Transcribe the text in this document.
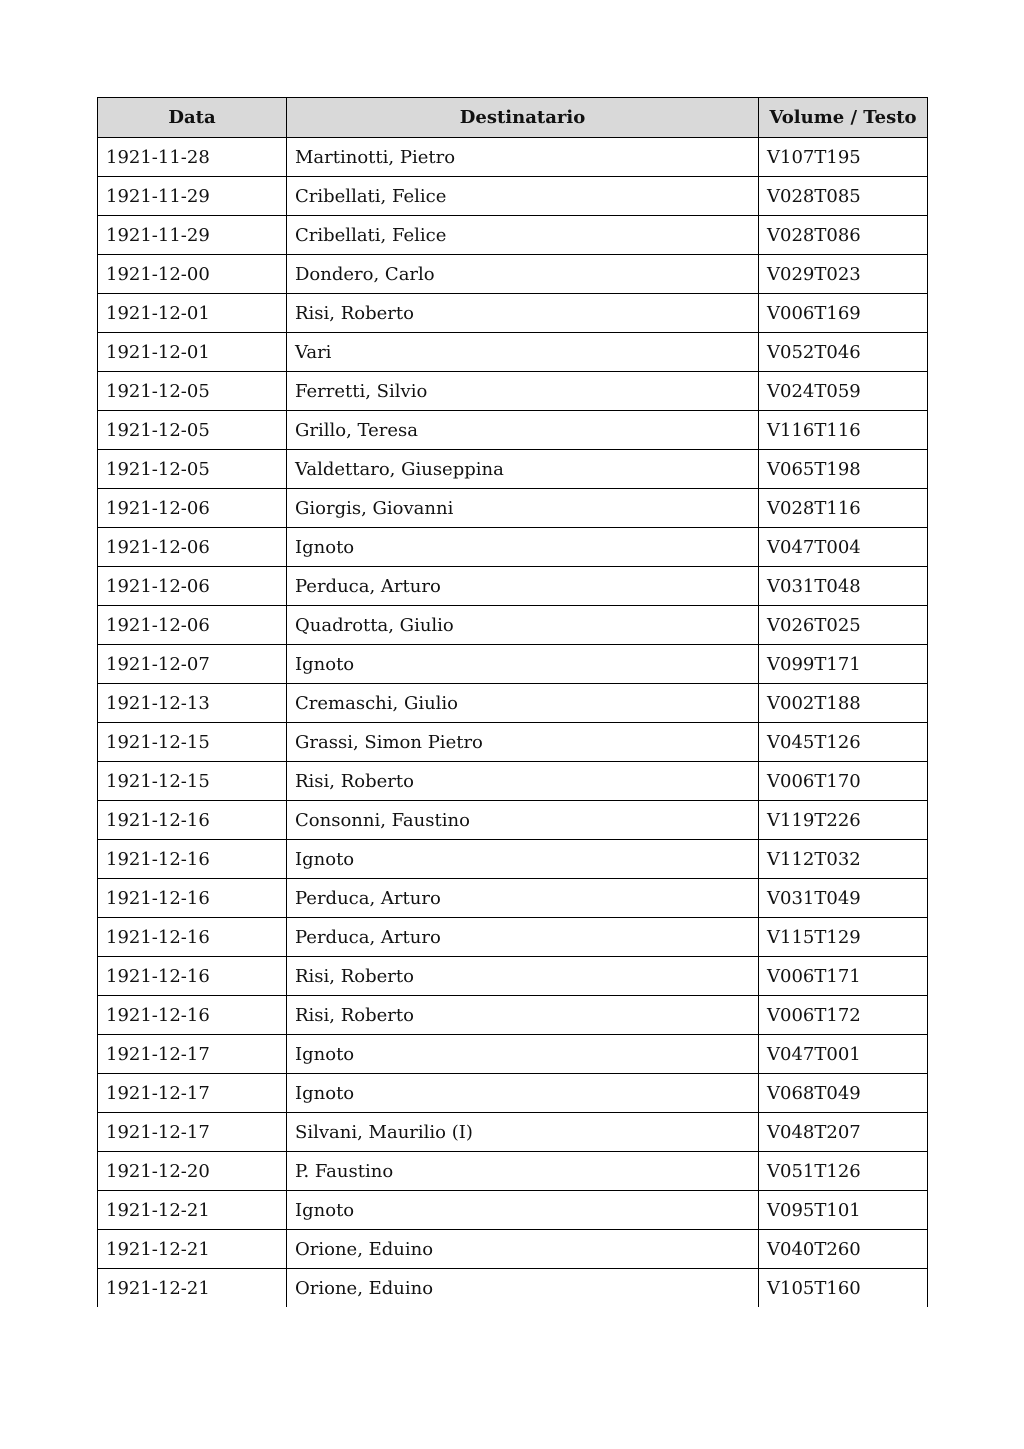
Data	Destinatario	Volume / Testo
1921-11-28	Martinotti, Pietro	V107T195
1921-11-29	Cribellati, Felice	V028T085
1921-11-29	Cribellati, Felice	V028T086
1921-12-00	Dondero, Carlo	V029T023
1921-12-01	Risi, Roberto	V006T169
1921-12-01	Vari	V052T046
1921-12-05	Ferretti, Silvio	V024T059
1921-12-05	Grillo, Teresa	V116T116
1921-12-05	Valdettaro, Giuseppina	V065T198
1921-12-06	Giorgis, Giovanni	V028T116
1921-12-06	Ignoto	V047T004
1921-12-06	Perduca, Arturo	V031T048
1921-12-06	Quadrotta, Giulio	V026T025
1921-12-07	Ignoto	V099T171
1921-12-13	Cremaschi, Giulio	V002T188
1921-12-15	Grassi, Simon Pietro	V045T126
1921-12-15	Risi, Roberto	V006T170
1921-12-16	Consonni, Faustino	V119T226
1921-12-16	Ignoto	V112T032
1921-12-16	Perduca, Arturo	V031T049
1921-12-16	Perduca, Arturo	V115T129
1921-12-16	Risi, Roberto	V006T171
1921-12-16	Risi, Roberto	V006T172
1921-12-17	Ignoto	V047T001
1921-12-17	Ignoto	V068T049
1921-12-17	Silvani, Maurilio (I)	V048T207
1921-12-20	P. Faustino	V051T126
1921-12-21	Ignoto	V095T101
1921-12-21	Orione, Eduino	V040T260
1921-12-21	Orione, Eduino	V105T160
